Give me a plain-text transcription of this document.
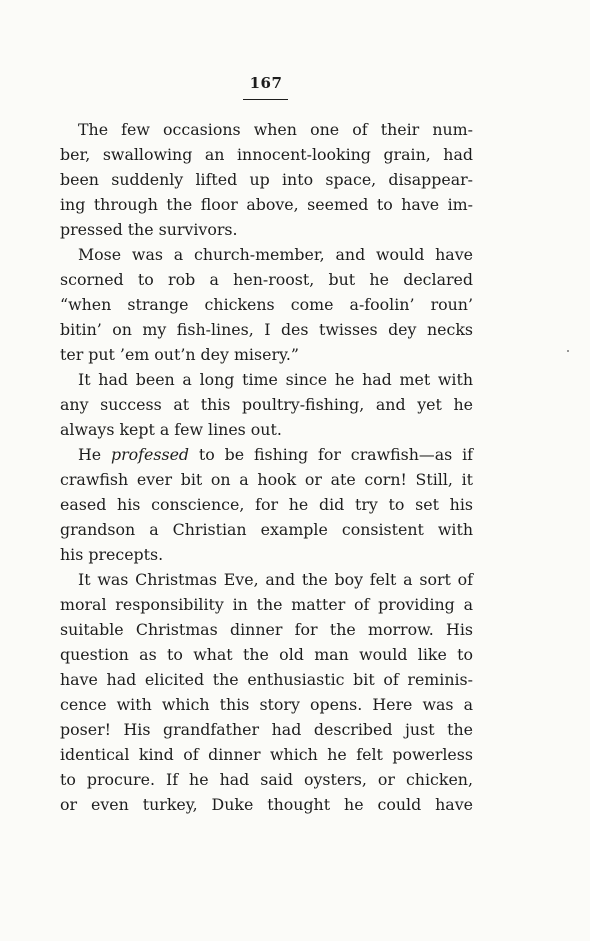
167
The few occasions when one of their num-
ber, swallowing an innocent-looking grain, had
been suddenly lifted up into space, disappear-
ing through the floor above, seemed to have im-
pressed the survivors.
Mose was a church-member, and would have
scorned to rob a hen-roost, but he declared
“when strange chickens come a-foolin’ roun’
bitin’ on my fish-lines, I des twisses dey necks
ter put ’em out’n dey misery.”
It had been a long time since he had met with
any success at this poultry-fishing, and yet he
always kept a few lines out.
He professed to be fishing for crawfish—as if
crawfish ever bit on a hook or ate corn! Still, it
eased his conscience, for he did try to set his
grandson a Christian example consistent with
his precepts.
It was Christmas Eve, and the boy felt a sort of
moral responsibility in the matter of providing a
suitable Christmas dinner for the morrow. His
question as to what the old man would like to
have had elicited the enthusiastic bit of reminis-
cence with which this story opens. Here was a
poser! His grandfather had described just the
identical kind of dinner which he felt powerless
to procure. If he had said oysters, or chicken,
or even turkey, Duke thought he could have
